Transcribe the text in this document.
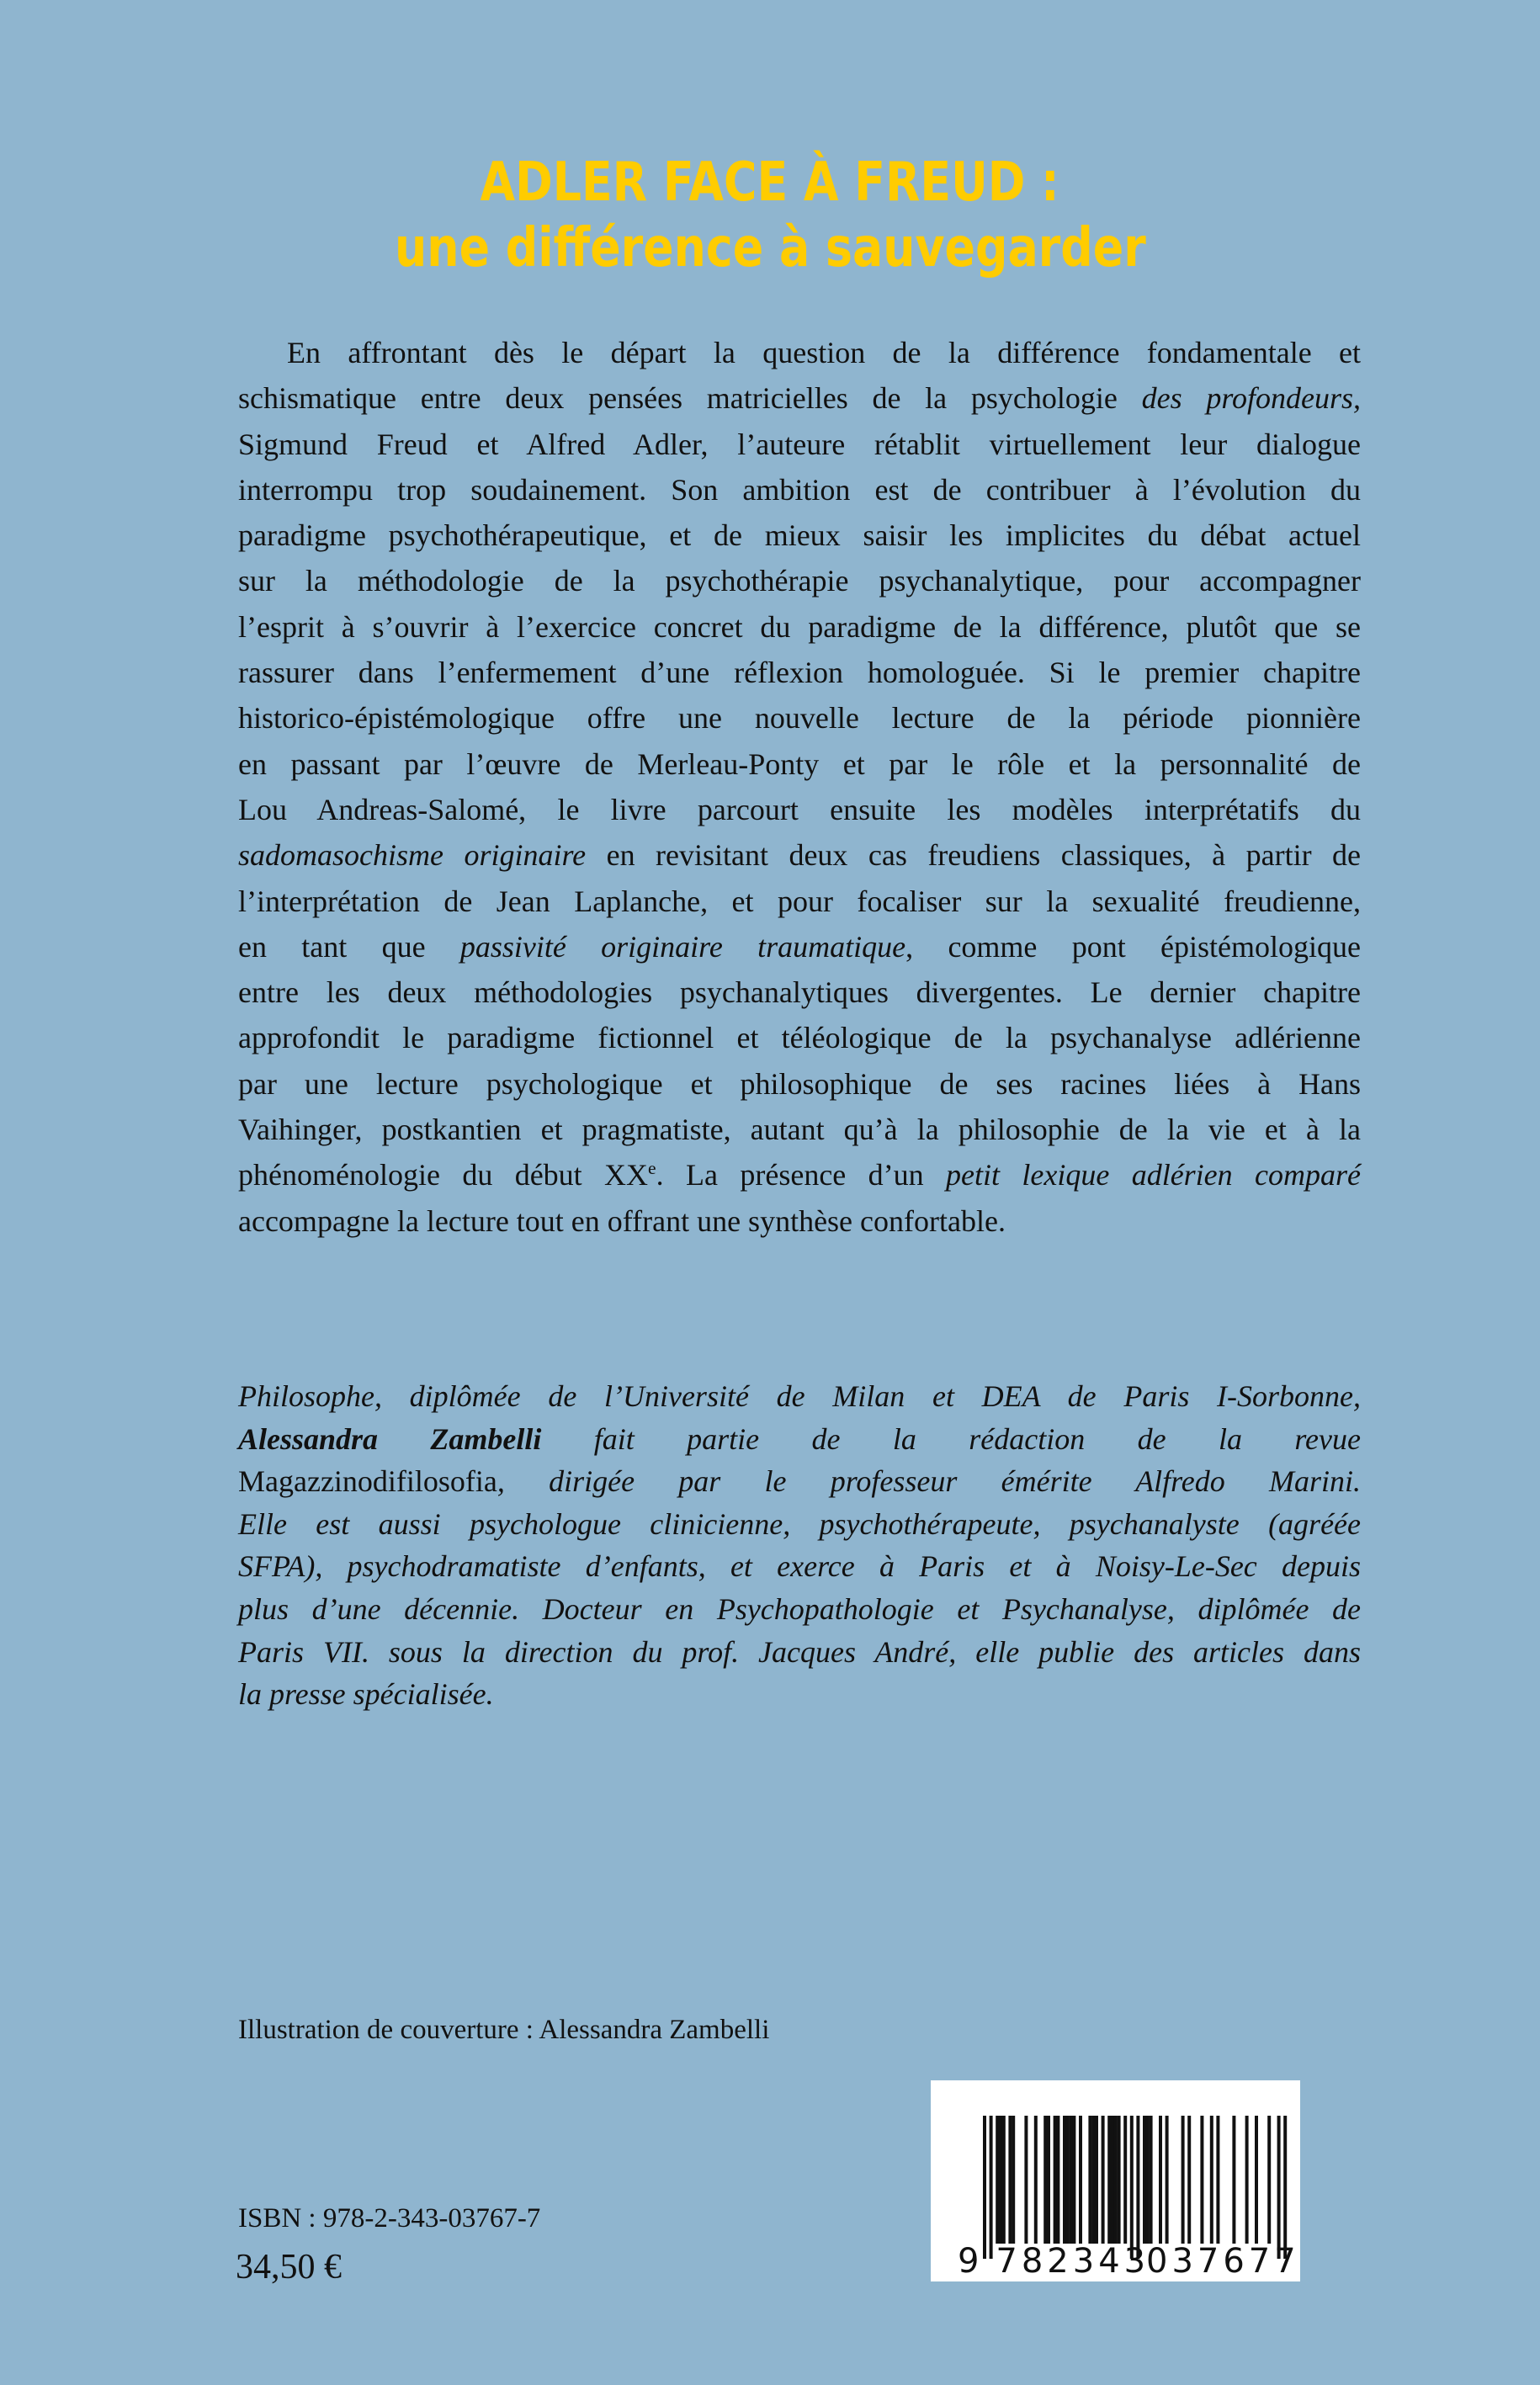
ADLER FACE À FREUD :
une différence à sauvegarder
En affrontant dès le départ la question de la différence fondamentale et
schismatique entre deux pensées matricielles de la psychologie des profondeurs,
Sigmund Freud et Alfred Adler, l’auteure rétablit virtuellement leur dialogue
interrompu trop soudainement. Son ambition est de contribuer à l’évolution du
paradigme psychothérapeutique, et de mieux saisir les implicites du débat actuel
sur la méthodologie de la psychothérapie psychanalytique, pour accompagner
l’esprit à s’ouvrir à l’exercice concret du paradigme de la différence, plutôt que se
rassurer dans l’enfermement d’une réflexion homologuée. Si le premier chapitre
historico-épistémologique offre une nouvelle lecture de la période pionnière
en passant par l’œuvre de Merleau-Ponty et par le rôle et la personnalité de
Lou Andreas-Salomé, le livre parcourt ensuite les modèles interprétatifs du
sadomasochisme originaire en revisitant deux cas freudiens classiques, à partir de
l’interprétation de Jean Laplanche, et pour focaliser sur la sexualité freudienne,
en tant que passivité originaire traumatique, comme pont épistémologique
entre les deux méthodologies psychanalytiques divergentes. Le dernier chapitre
approfondit le paradigme fictionnel et téléologique de la psychanalyse adlérienne
par une lecture psychologique et philosophique de ses racines liées à Hans
Vaihinger, postkantien et pragmatiste, autant qu’à la philosophie de la vie et à la
phénoménologie du début XXe. La présence d’un petit lexique adlérien comparé
accompagne la lecture tout en offrant une synthèse confortable.
Philosophe, diplômée de l’Université de Milan et DEA de Paris I-Sorbonne,
Alessandra Zambelli fait partie de la rédaction de la revue
Magazzinodifilosofia, dirigée par le professeur émérite Alfredo Marini.
Elle est aussi psychologue clinicienne, psychothérapeute, psychanalyste (agréée
SFPA), psychodramatiste d’enfants, et exerce à Paris et à Noisy-Le-Sec depuis
plus d’une décennie. Docteur en Psychopathologie et Psychanalyse, diplômée de
Paris VII. sous la direction du prof. Jacques André, elle publie des articles dans
la presse spécialisée.
Illustration de couverture : Alessandra Zambelli
ISBN : 978-2-343-03767-7
34,50 €	9 782343
037677
